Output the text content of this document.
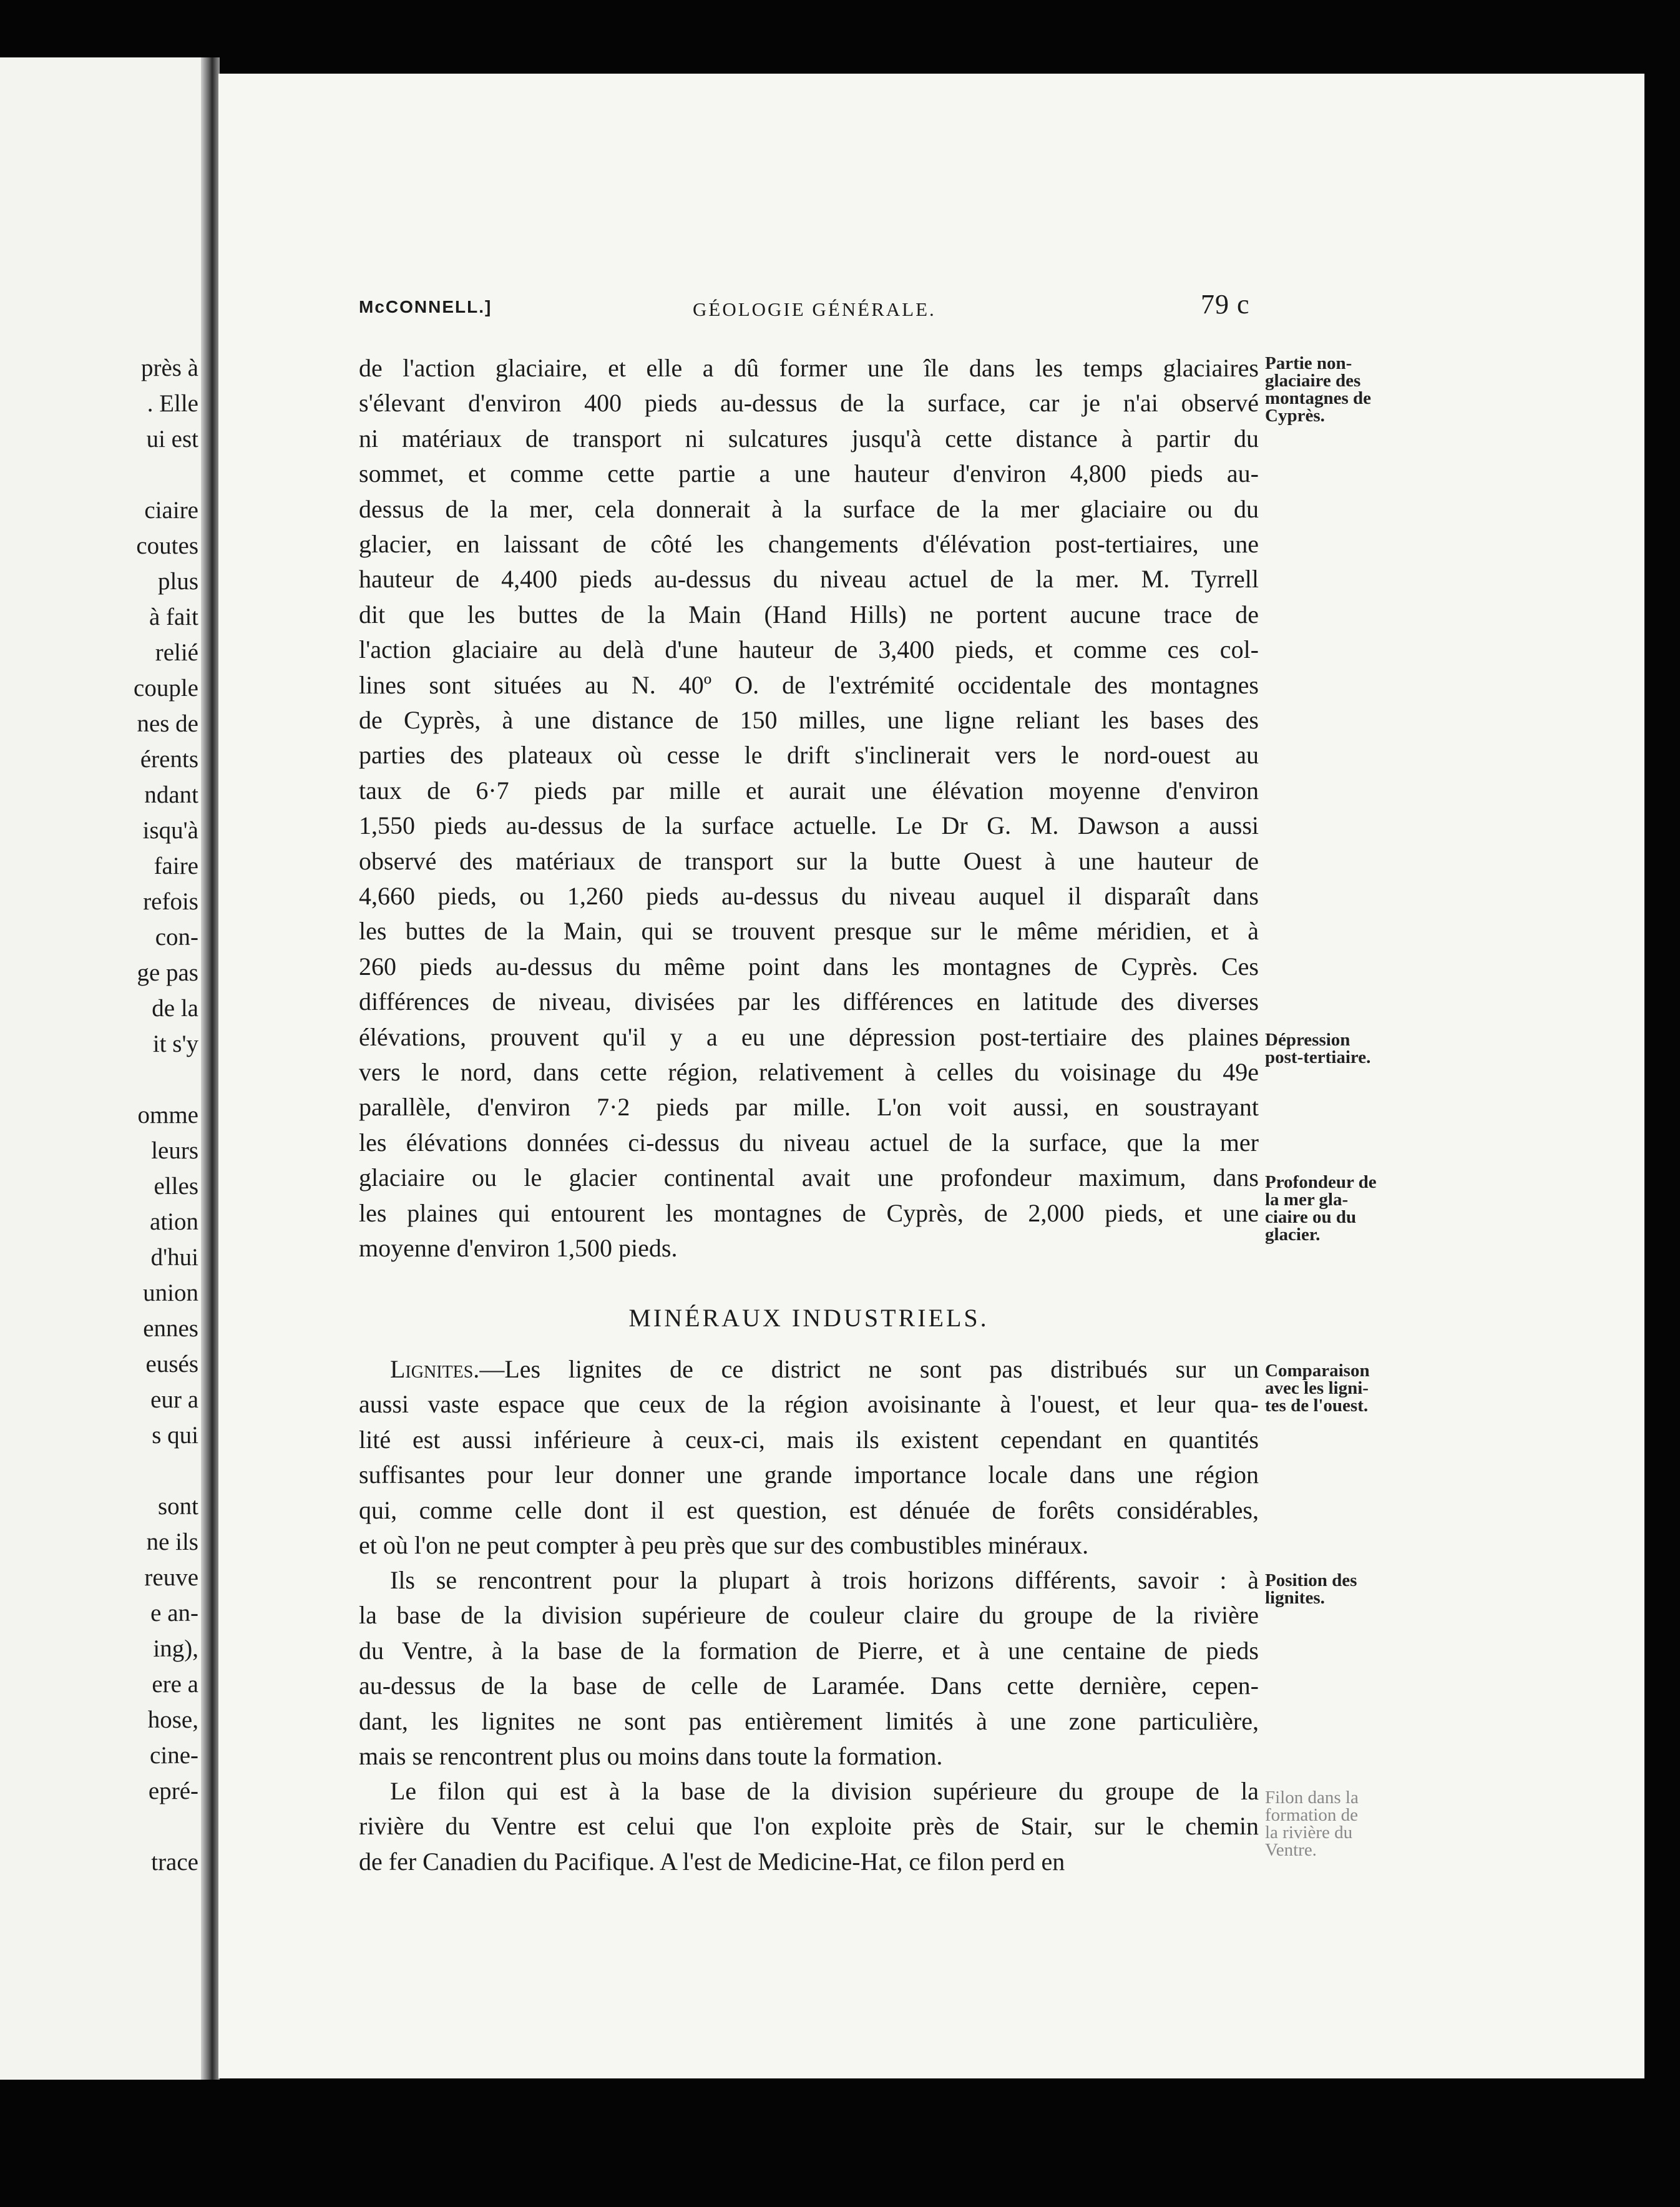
près à
. Elle
ui est
ciaire
coutes
plus
à fait
relié
couple
nes de
érents
ndant
isqu'à
faire
refois
con-
ge pas
de la
it s'y
omme
leurs
elles
ation
d'hui
union
ennes
eusés
eur a
s qui
sont
ne ils
reuve
e an-
ing),
ere a
hose,
cine-
epré-
trace
McCONNELL.]	GÉOLOGIE GÉNÉRALE.	79 c

de l'action glaciaire, et elle a dû former une île dans les temps glaciaires

s'élevant d'environ 400 pieds au-dessus de la surface, car je n'ai observé

ni matériaux de transport ni sulcatures jusqu'à cette distance à partir du

sommet, et comme cette partie a une hauteur d'environ 4,800 pieds au-

dessus de la mer, cela donnerait à la surface de la mer glaciaire ou du

glacier, en laissant de côté les changements d'élévation post-tertiaires, une

hauteur de 4,400 pieds au-dessus du niveau actuel de la mer. M. Tyrrell

dit que les buttes de la Main (Hand Hills) ne portent aucune trace de

l'action glaciaire au delà d'une hauteur de 3,400 pieds, et comme ces col-

lines sont situées au N. 40º O. de l'extrémité occidentale des montagnes

de Cyprès, à une distance de 150 milles, une ligne reliant les bases des

parties des plateaux où cesse le drift s'inclinerait vers le nord-ouest au

taux de 6·7 pieds par mille et aurait une élévation moyenne d'environ

1,550 pieds au-dessus de la surface actuelle. Le Dr G. M. Dawson a aussi

observé des matériaux de transport sur la butte Ouest à une hauteur de

4,660 pieds, ou 1,260 pieds au-dessus du niveau auquel il disparaît dans

les buttes de la Main, qui se trouvent presque sur le même méridien, et à

260 pieds au-dessus du même point dans les montagnes de Cyprès. Ces

différences de niveau, divisées par les différences en latitude des diverses

élévations, prouvent qu'il y a eu une dépression post-tertiaire des plaines

vers le nord, dans cette région, relativement à celles du voisinage du 49e

parallèle, d'environ 7·2 pieds par mille. L'on voit aussi, en soustrayant

les élévations données ci-dessus du niveau actuel de la surface, que la mer

glaciaire ou le glacier continental avait une profondeur maximum, dans

les plaines qui entourent les montagnes de Cyprès, de 2,000 pieds, et une

moyenne d'environ 1,500 pieds.

Lignites.—Les lignites de ce district ne sont pas distribués sur un

aussi vaste espace que ceux de la région avoisinante à l'ouest, et leur qua-

lité est aussi inférieure à ceux-ci, mais ils existent cependant en quantités

suffisantes pour leur donner une grande importance locale dans une région

qui, comme celle dont il est question, est dénuée de forêts considérables,

et où l'on ne peut compter à peu près que sur des combustibles minéraux.

Ils se rencontrent pour la plupart à trois horizons différents, savoir : à

la base de la division supérieure de couleur claire du groupe de la rivière

du Ventre, à la base de la formation de Pierre, et à une centaine de pieds

au-dessus de la base de celle de Laramée. Dans cette dernière, cepen-

dant, les lignites ne sont pas entièrement limités à une zone particulière,

mais se rencontrent plus ou moins dans toute la formation.

Le filon qui est à la base de la division supérieure du groupe de la

rivière du Ventre est celui que l'on exploite près de Stair, sur le chemin

de fer Canadien du Pacifique. A l'est de Medicine-Hat, ce filon perd en

MINÉRAUX INDUSTRIELS.
Partie non-
glaciaire des
montagnes de
Cyprès.
Dépression
post-tertiaire.
Profondeur de
la mer gla-
ciaire ou du
glacier.
Comparaison
avec les ligni-
tes de l'ouest.
Position des
lignites.
Filon dans la
formation de
la rivière du
Ventre.
